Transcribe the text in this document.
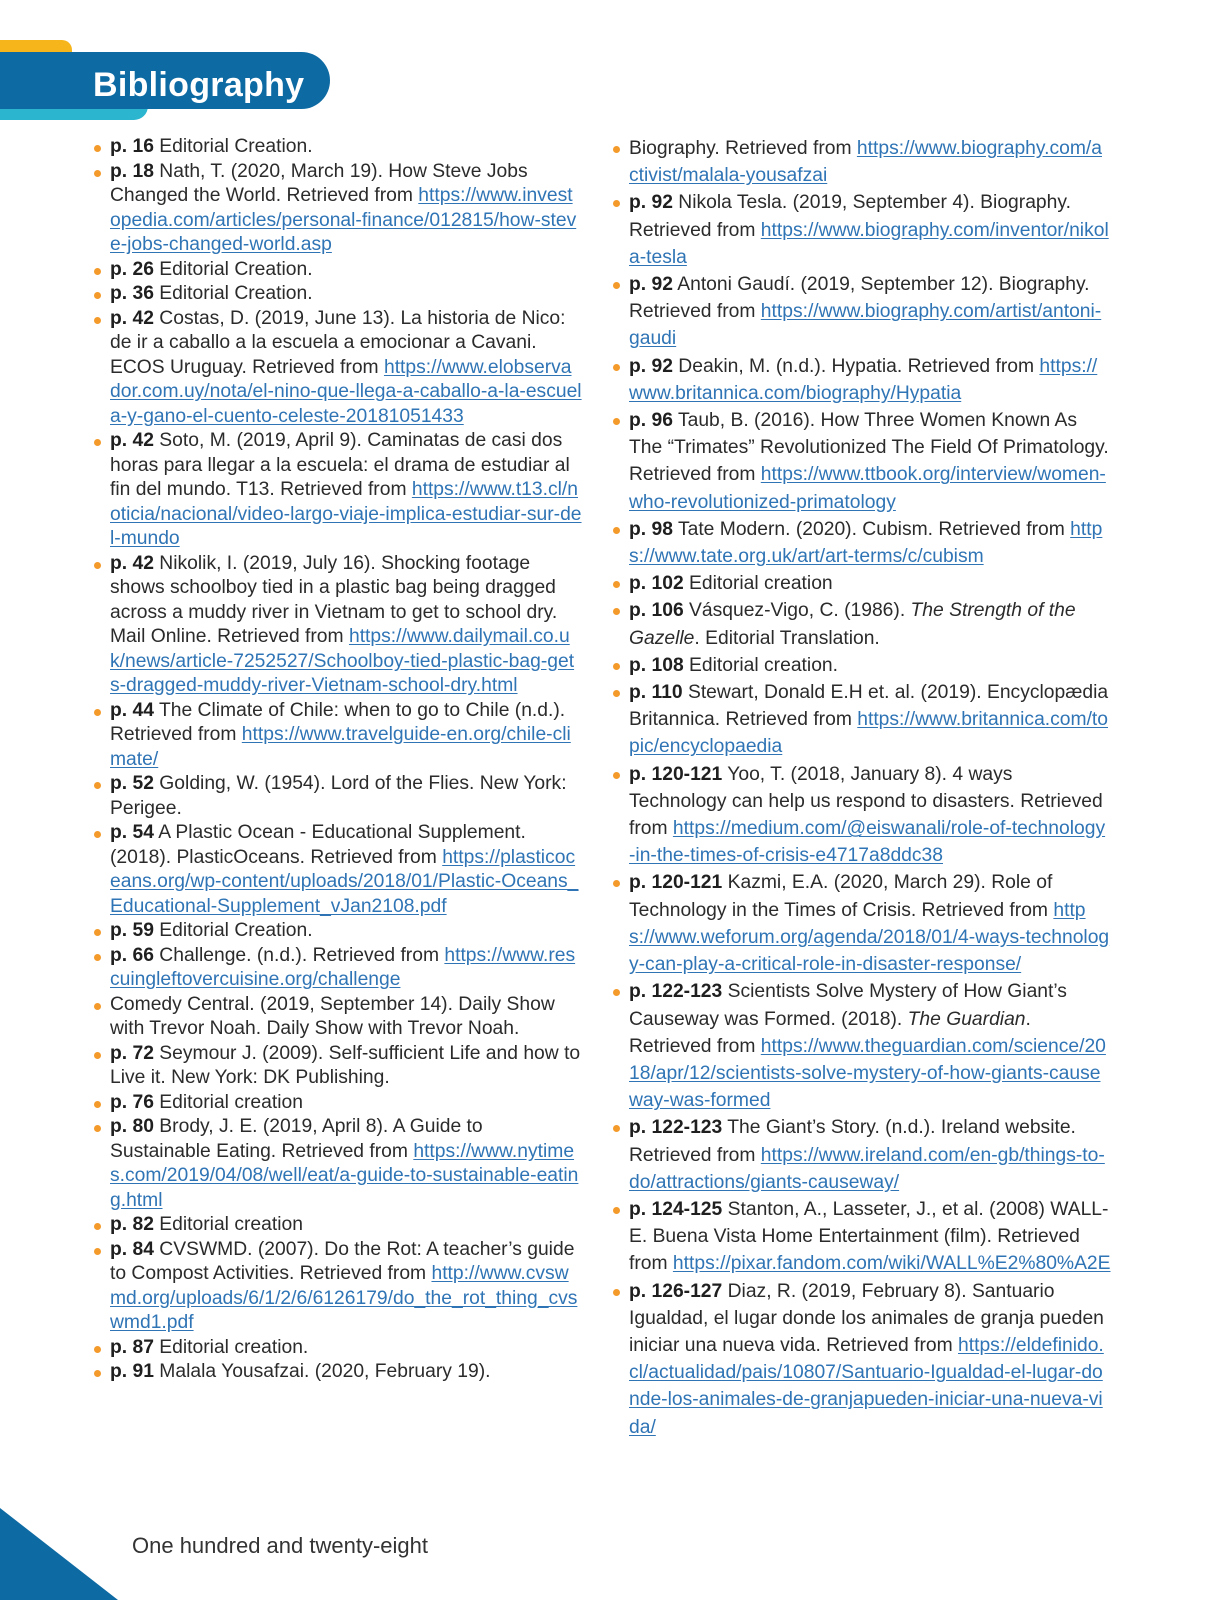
Bibliography
p. 16 Editorial Creation.
p. 18 Nath, T. (2020, March 19). How Steve Jobs Changed the World. Retrieved from https://www.investopedia.com/articles/personal-finance/012815/how-steve-jobs-changed-world.asp
p. 26 Editorial Creation.
p. 36 Editorial Creation.
p. 42 Costas, D. (2019, June 13). La historia de Nico: de ir a caballo a la escuela a emocionar a Cavani. ECOS Uruguay. Retrieved from https://www.elobservador.com.uy/nota/el-nino-que-llega-a-caballo-a-la-escuela-y-gano-el-cuento-celeste-20181051433
p. 42 Soto, M. (2019, April 9). Caminatas de casi dos horas para llegar a la escuela: el drama de estudiar al fin del mundo. T13. Retrieved from https://www.t13.cl/noticia/nacional/video-largo-viaje-implica-estudiar-sur-del-mundo
p. 42 Nikolik, I. (2019, July 16). Shocking footage shows schoolboy tied in a plastic bag being dragged across a muddy river in Vietnam to get to school dry. Mail Online. Retrieved from https://www.dailymail.co.uk/news/article-7252527/Schoolboy-tied-plastic-bag-gets-dragged-muddy-river-Vietnam-school-dry.html
p. 44 The Climate of Chile: when to go to Chile (n.d.). Retrieved from https://www.travelguide-en.org/chile-climate/
p. 52 Golding, W. (1954). Lord of the Flies. New York: Perigee.
p. 54 A Plastic Ocean - Educational Supplement. (2018). PlasticOceans. Retrieved from https://plasticoceans.org/wp-content/uploads/2018/01/Plastic-Oceans_Educational-Supplement_vJan2108.pdf
p. 59 Editorial Creation.
p. 66 Challenge. (n.d.). Retrieved from https://www.rescuingleftovercuisine.org/challenge
Comedy Central. (2019, September 14). Daily Show with Trevor Noah. Daily Show with Trevor Noah.
p. 72 Seymour J. (2009). Self-sufficient Life and how to Live it. New York: DK Publishing.
p. 76 Editorial creation
p. 80 Brody, J. E. (2019, April 8). A Guide to Sustainable Eating. Retrieved from https://www.nytimes.com/2019/04/08/well/eat/a-guide-to-sustainable-eating.html
p. 82 Editorial creation
p. 84 CVSWMD. (2007). Do the Rot: A teacher’s guide to Compost Activities. Retrieved from http://www.cvswmd.org/uploads/6/1/2/6/6126179/do_the_rot_thing_cvswmd1.pdf
p. 87 Editorial creation.
p. 91 Malala Yousafzai. (2020, February 19).
Biography. Retrieved from https://www.biography.com/activist/malala-yousafzai
p. 92 Nikola Tesla. (2019, September 4). Biography. Retrieved from https://www.biography.com/inventor/nikola-tesla
p. 92 Antoni Gaudí. (2019, September 12). Biography. Retrieved from https://www.biography.com/artist/antoni-gaudi
p. 92 Deakin, M. (n.d.). Hypatia. Retrieved from https://www.britannica.com/biography/Hypatia
p. 96 Taub, B. (2016). How Three Women Known As The “Trimates” Revolutionized The Field Of Primatology. Retrieved from https://www.ttbook.org/interview/women-who-revolutionized-primatology
p. 98 Tate Modern. (2020). Cubism. Retrieved from https://www.tate.org.uk/art/art-terms/c/cubism
p. 102 Editorial creation
p. 106 Vásquez-Vigo, C. (1986). The Strength of the Gazelle. Editorial Translation.
p. 108 Editorial creation.
p. 110 Stewart, Donald E.H et. al. (2019). Encyclopædia Britannica. Retrieved from https://www.britannica.com/topic/encyclopaedia
p. 120-121 Yoo, T. (2018, January 8). 4 ways Technology can help us respond to disasters. Retrieved from https://medium.com/@eiswanali/role-of-technology-in-the-times-of-crisis-e4717a8ddc38
p. 120-121 Kazmi, E.A. (2020, March 29). Role of Technology in the Times of Crisis. Retrieved from https://www.weforum.org/agenda/2018/01/4-ways-technology-can-play-a-critical-role-in-disaster-response/
p. 122-123 Scientists Solve Mystery of How Giant’s Causeway was Formed. (2018). The Guardian. Retrieved from https://www.theguardian.com/science/2018/apr/12/scientists-solve-mystery-of-how-giants-causeway-was-formed
p. 122-123 The Giant’s Story. (n.d.). Ireland website. Retrieved from https://www.ireland.com/en-gb/things-to-do/attractions/giants-causeway/
p. 124-125 Stanton, A., Lasseter, J., et al. (2008) WALL-E. Buena Vista Home Entertainment (film). Retrieved from https://pixar.fandom.com/wiki/WALL%E2%80%A2E
p. 126-127 Diaz, R. (2019, February 8). Santuario Igualdad, el lugar donde los animales de granja pueden iniciar una nueva vida. Retrieved from https://eldefinido.cl/actualidad/pais/10807/Santuario-Igualdad-el-lugar-donde-los-animales-de-granjapueden-iniciar-una-nueva-vida/
128 One hundred and twenty-eight
